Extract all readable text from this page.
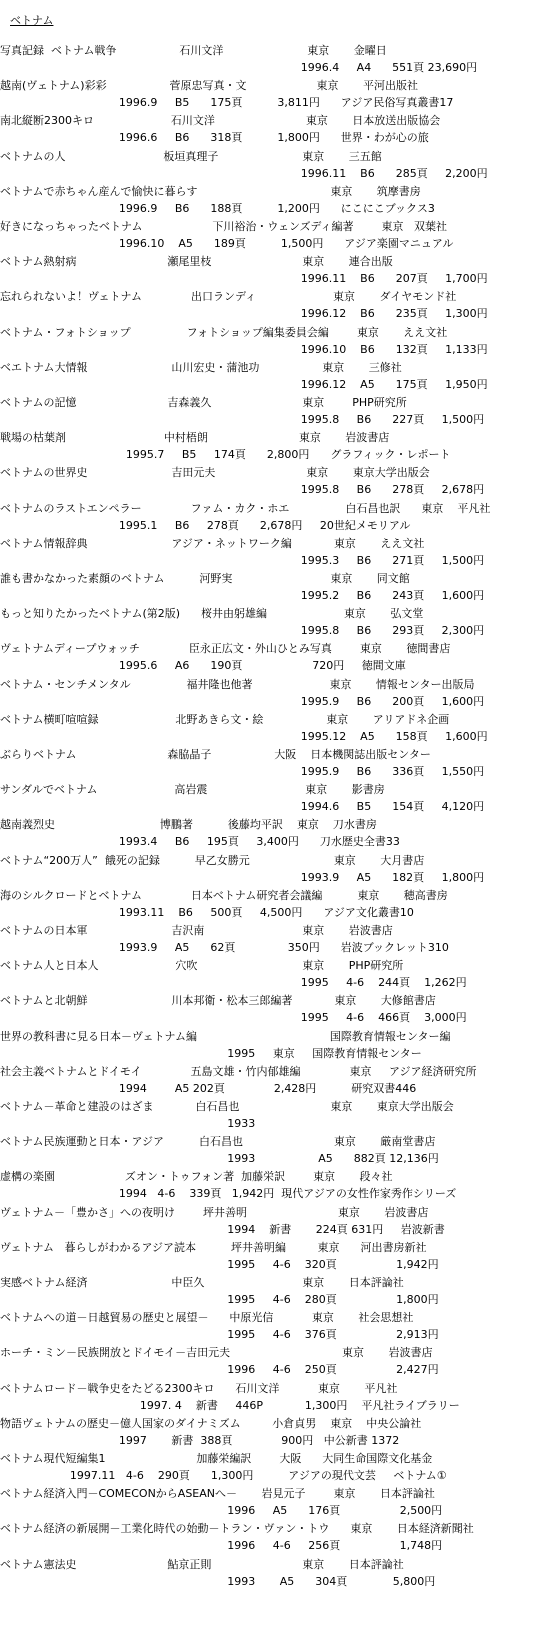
ベトナム
写真記録  ベトナム戦争                  石川文洋                        東京       金曜日
1996.4     A4      551頁 23,690円
越南(ヴェトナム)彩彩                  菅原忠写真・文                    東京       平河出版社
1996.9     B5      175頁          3,811円      アジア民俗写真叢書17
南北縦断2300キロ                      石川文洋                          東京       日本放送出版協会
1996.6     B6      318頁          1,800円      世界・わが心の旅
ベトナムの人                            板垣真理子                        東京       三五館
1996.11    B6      285頁     2,200円
ベトナムで赤ちゃん産んで愉快に暮らす                                      東京       筑摩書房
1996.9     B6      188頁          1,200円      にこにこブックス3
好きになっちゃったベトナム                    下川裕治・ウェンズディ編著        東京   双葉社
1996.10    A5      189頁          1,500円      アジア楽園マニュアル
ベトナム熱射病                          瀬尾里枝                          東京       連合出版
1996.11    B6      207頁     1,700円
忘れられないよ！ヴェトナム              出口ランディ                      東京       ダイヤモンド社
1996.12    B6      235頁     1,300円
ベトナム・フォトショップ                フォトショップ編集委員会編        東京       ええ文社
1996.10    B6      132頁     1,133円
ベエトナム大情報                        山川宏史・蒲池功                  東京       三修社
1996.12    A5      175頁     1,950円
ベトナムの記憶                          吉森義久                          東京        PHP研究所
1995.8     B6      227頁     1,500円
戦場の枯葉剤                            中村梧朗                          東京       岩波書店
1995.7     B5     174頁      2,800円      グラフィック・レポート
ベトナムの世界史                        吉田元夫                          東京       東京大学出版会
1995.8     B6      278頁     2,678円
ベトナムのラストエンペラー              ファム・カク・ホエ                白石昌也訳      東京    平凡社
1995.1     B6     278頁      2,678円     20世紀メモリアル
ベトナム情報辞典                        アジア・ネットワーク編            東京       ええ文社
1995.3     B6      271頁     1,500円
誰も書かなかった素顔のベトナム          河野実                            東京       同文館
1995.2     B6      243頁     1,600円
もっと知りたかったベトナム(第2版)      桜井由躬雄編                      東京       弘文堂
1995.8     B6      293頁     2,300円
ヴェトナムディープウォッチ              臣永正広文・外山ひとみ写真        東京       徳間書店
1995.6     A6      190頁                    720円     徳間文庫
ベトナム・センチメンタル                福井隆也他著                      東京       情報センター出版局
1995.9     B6      200頁     1,600円
ベトナム横町喧喧録                      北野あきら文・絵                  東京       アリアドネ企画
1995.12    A5      158頁     1,600円
ぶらりベトナム                          森脇晶子                  大阪    日本機関誌出版センター
1995.9     B6      336頁     1,550円
サンダルでベトナム                      高岩震                            東京       影書房
1994.6     B5      154頁     4,120円
越南義烈史                              博鵬著          後藤均平訳    東京    刀水書房
1993.4     B6     195頁     3,400円      刀水歴史全書33
ベトナム“200万人”  餓死の記録          早乙女勝元                        東京       大月書店
1993.9     A5      182頁     1,800円
海のシルクロードとベトナム              日本ベトナム研究者会議編          東京       穂高書房
1993.11    B6     500頁     4,500円      アジア文化叢書10
ベトナムの日本軍                        吉沢南                            東京       岩波書店
1993.9     A5      62頁               350円      岩波ブックレット310
ベトナム人と日本人                      穴吹                              東京       PHP研究所
1995     4-6    244頁    1,262円
ベトナムと北朝鮮                        川本邦衛・松本三郎編著            東京       大修館書店
1995     4-6    466頁    3,000円
世界の教科書に見る日本－ヴェトナム編                                      国際教育情報センター編
1995     東京     国際教育情報センター
社会主義ベトナムとドイモイ              五島文雄・竹内郁雄編              東京     アジア経済研究所
1994        A5 202頁              2,428円          研究双書446
ベトナム－革命と建設のはざま            白石昌也                          東京       東京大学出版会
1933
ベトナム民族運動と日本・アジア          白石昌也                          東京       厳南堂書店
1993                  A5      882頁 12,136円
虚構の楽園                    ズオン・トゥフォン著  加藤栄訳        東京       段々社
1994   4-6    339頁   1,942円  現代アジアの女性作家秀作シリーズ
ヴェトナム－「豊かさ」への夜明け        坪井善明                          東京       岩波書店
1994    新書       224頁 631円     岩波新書
ヴェトナム   暮らしがわかるアジア読本          坪井善明編         東京      河出書房新社
1995     4-6    320頁                 1,942円
実感ベトナム経済                        中臣久                            東京       日本評論社
1995     4-6    280頁                 1,800円
ベトナムへの道－日越貿易の歴史と展望－      中原光信           東京       社会思想社
1995     4-6    376頁                 2,913円
ホーチ・ミン－民族開放とドイモイ－吉田元夫                                東京       岩波書店
1996     4-6    250頁                 2,427円
ベトナムロード－戦争史をたどる2300キロ      石川文洋           東京       平凡社
1997. 4    新書     446P            1,300円    平凡社ライブラリー
物語ヴェトナムの歴史－億人国家のダイナミズム         小倉貞男    東京    中央公論社
1997       新書  388頁              900円   中公新書 1372
ベトナム現代短編集1                          加藤栄編訳        大阪      大同生命国際文化基金
1997.11   4-6    290頁      1,300円          アジアの現代文芸     ベトナム①
ベトナム経済入門－COMECONからASEANへ－       岩見元子        東京       日本評論社
1996     A5      176頁                 2,500円
ベトナム経済の新展開－工業化時代の始動－トラン・ヴァン・トウ      東京       日本経済新聞社
1996     4-6     256頁                 1,748円
ベトナム憲法史                          鮎京正則                          東京       日本評論社
1993       A5      304頁             5,800円
